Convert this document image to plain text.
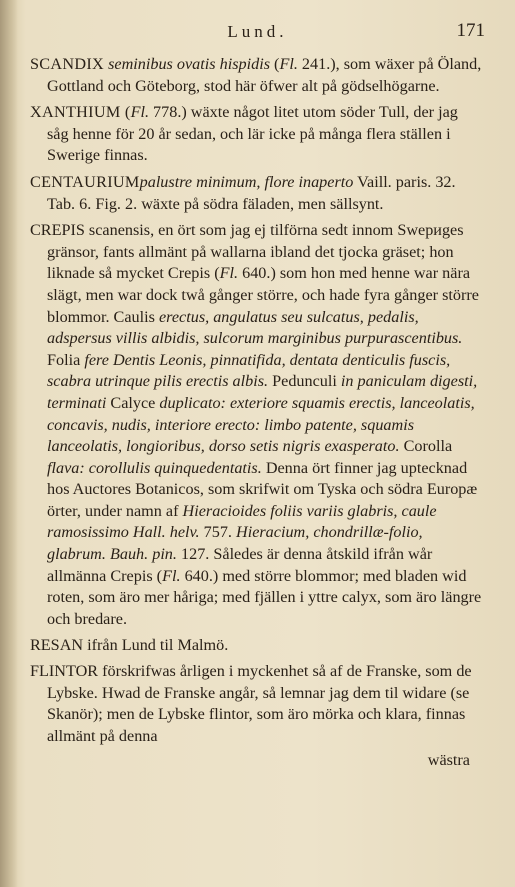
Lund.	171

SCANDIX seminibus ovatis hispidis (Fl. 241.), som wäxer på Öland, Gottland och Göteborg, stod här öfwer alt på gödselhögarne.

XANTHIUM (Fl. 778.) wäxte något litet utom söder Tull, der jag såg henne för 20 år sedan, och lär icke på många flera ställen i Swerige finnas.

CENTAURIUMpalustre minimum, flore inaperto Vaill. paris. 32. Tab. 6. Fig. 2. wäxte på södra fäladen, men sällsynt.

CREPIS scanensis, en ört som jag ej tilförna sedt innom Swериges gränsor, fants allmänt på wallarna ibland det tjocka gräset; hon liknade så mycket Crepis (Fl. 640.) som hon med henne war nära slägt, men war dock twå gånger större, och hade fyra gånger större blommor. Caulis erectus, angulatus seu sulcatus, pedalis, adspersus villis albidis, sulcorum marginibus purpurascentibus. Folia fere Dentis Leonis, pinnatifida, dentata denticulis fuscis, scabra utrinque pilis erectis albis. Pedunculi in paniculam digesti, terminati Calyce duplicato: exteriore squamis erectis, lanceolatis, concavis, nudis, interiore erecto: limbo patente, squamis lanceolatis, longioribus, dorso setis nigris exasperato. Corolla flava: corollulis quinquedentatis. Denna ört finner jag uptecknad hos Auctores Botanicos, som skrifwit om Tyska och södra Europæ örter, under namn af Hieracioides foliis variis glabris, caule ramosissimo Hall. helv. 757. Hieracium, chondrillæ-folio, glabrum. Bauh. pin. 127. Således är denna åtskild ifrån wår allmänna Crepis (Fl. 640.) med större blommor; med bladen wid roten, som äro mer håriga; med fjällen i yttre calyx, som äro längre och bredare.

RESAN ifrån Lund til Malmö.

FLINTOR förskrifwas årligen i myckenhet så af de Franske, som de Lybske. Hwad de Franske angår, så lemnar jag dem til widare (se Skanör); men de Lybske flintor, som äro mörka och klara, finnas allmänt på denna

wästra
